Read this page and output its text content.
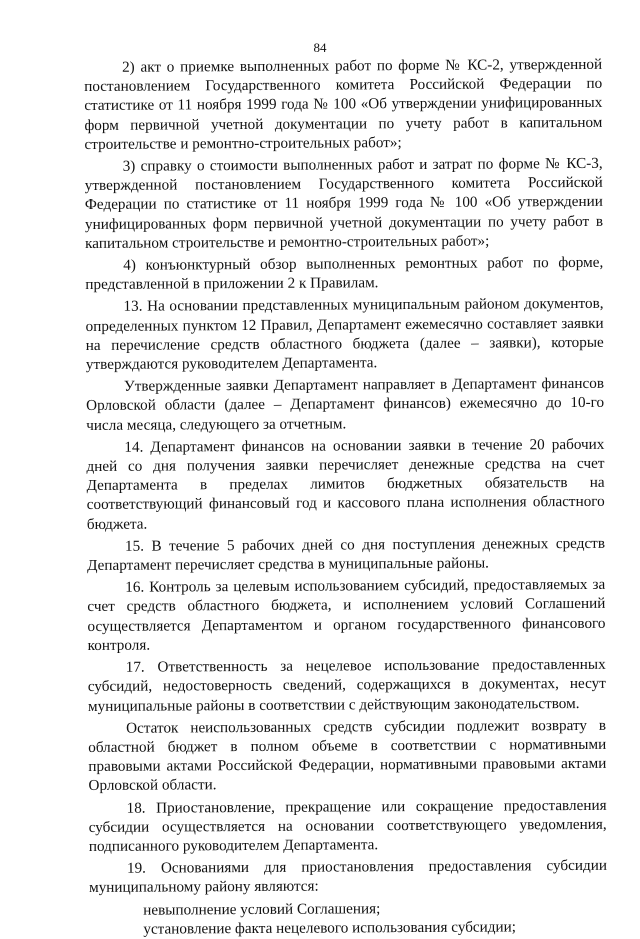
84

2) акт о приемке выполненных работ по форме № КС-2, утвержденной постановлением Государственного комитета Российской Федерации по статистике от 11 ноября 1999 года № 100 «Об утверждении унифицированных форм первичной учетной документации по учету работ в капитальном строительстве и ремонтно-строительных работ»;

3) справку о стоимости выполненных работ и затрат по форме № КС-3, утвержденной постановлением Государственного комитета Российской Федерации по статистике от 11 ноября 1999 года № 100 «Об утверждении унифицированных форм первичной учетной документации по учету работ в капитальном строительстве и ремонтно-строительных работ»;

4) конъюнктурный обзор выполненных ремонтных работ по форме, представленной в приложении 2 к Правилам.

13. На основании представленных муниципальным районом документов, определенных пунктом 12 Правил, Департамент ежемесячно составляет заявки на перечисление средств областного бюджета (далее – заявки), которые утверждаются руководителем Департамента.

Утвержденные заявки Департамент направляет в Департамент финансов Орловской области (далее – Департамент финансов) ежемесячно до 10-го числа месяца, следующего за отчетным.

14. Департамент финансов на основании заявки в течение 20 рабочих дней со дня получения заявки перечисляет денежные средства на счет Департамента в пределах лимитов бюджетных обязательств на соответствующий финансовый год и кассового плана исполнения областного бюджета.

15. В течение 5 рабочих дней со дня поступления денежных средств Департамент перечисляет средства в муниципальные районы.

16. Контроль за целевым использованием субсидий, предоставляемых за счет средств областного бюджета, и исполнением условий Соглашений осуществляется Департаментом и органом государственного финансового контроля.

17. Ответственность за нецелевое использование предоставленных субсидий, недостоверность сведений, содержащихся в документах, несут муниципальные районы в соответствии с действующим законодательством.

Остаток неиспользованных средств субсидии подлежит возврату в областной бюджет в полном объеме в соответствии с нормативными правовыми актами Российской Федерации, нормативными правовыми актами Орловской области.

18. Приостановление, прекращение или сокращение предоставления субсидии осуществляется на основании соответствующего уведомления, подписанного руководителем Департамента.

19. Основаниями для приостановления предоставления субсидии муниципальному району являются:

невыполнение условий Соглашения;

установление факта нецелевого использования субсидии;
